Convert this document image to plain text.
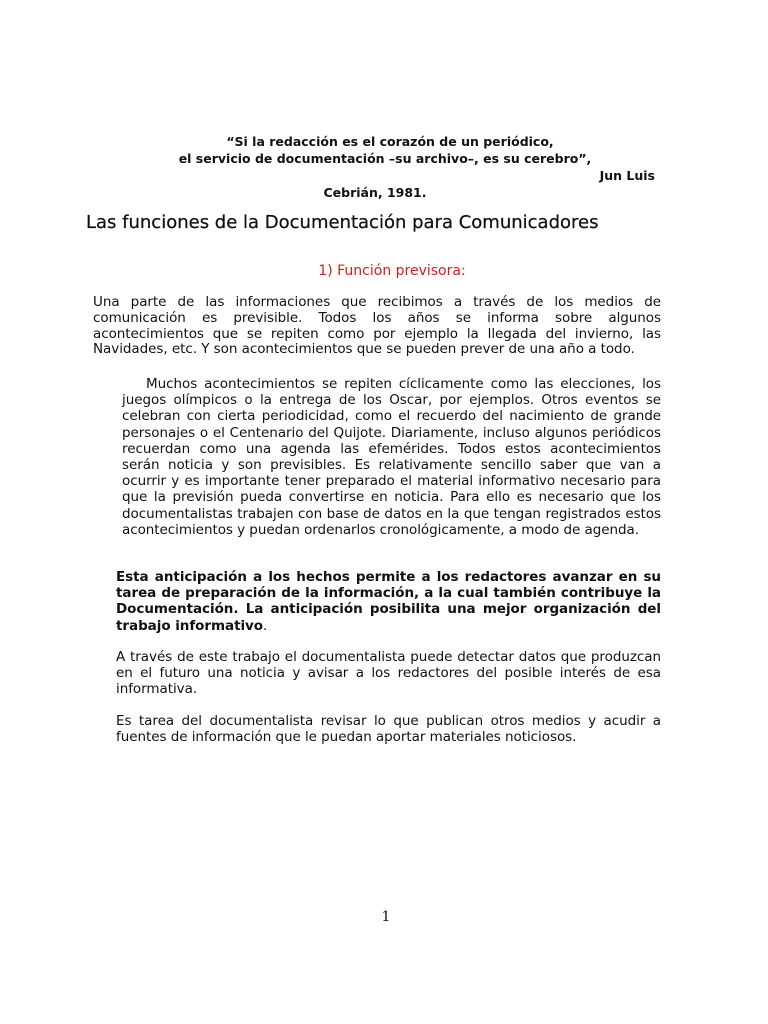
“Si la redacción es el corazón de un periódico,
el servicio de documentación –su archivo–, es su cerebro”,
Jun Luis
Cebrián, 1981.
Las funciones de la Documentación para Comunicadores
1) Función previsora:

Una parte de las informaciones que recibimos a través de los medios de comunicación es previsible. Todos los años se informa sobre algunos acontecimientos que se repiten como por ejemplo la llegada del invierno, las Navidades, etc. Y son acontecimientos que se pueden prever de una año a todo.

Muchos acontecimientos se repiten cíclicamente como las elecciones, los juegos olímpicos o la entrega de los Oscar, por ejemplos. Otros eventos se celebran con cierta periodicidad, como el recuerdo del nacimiento de grande personajes o el Centenario del Quijote. Diariamente, incluso algunos periódicos recuerdan como una agenda las efemérides. Todos estos acontecimientos serán noticia y son previsibles. Es relativamente sencillo saber que van a ocurrir y es importante tener preparado el material informativo necesario para que la previsión pueda convertirse en noticia. Para ello es necesario que los documentalistas trabajen con base de datos en la que tengan registrados estos acontecimientos y puedan ordenarlos cronológicamente, a modo de agenda.

Esta anticipación a los hechos permite a los redactores avanzar en su tarea de preparación de la información, a la cual también contribuye la Documentación. La anticipación posibilita una mejor organización del trabajo informativo.

A través de este trabajo el documentalista puede detectar datos que produzcan en el futuro una noticia y avisar a los redactores del posible interés de esa informativa.

Es tarea del documentalista revisar lo que publican otros medios y acudir a fuentes de información que le puedan aportar materiales noticiosos.

1
